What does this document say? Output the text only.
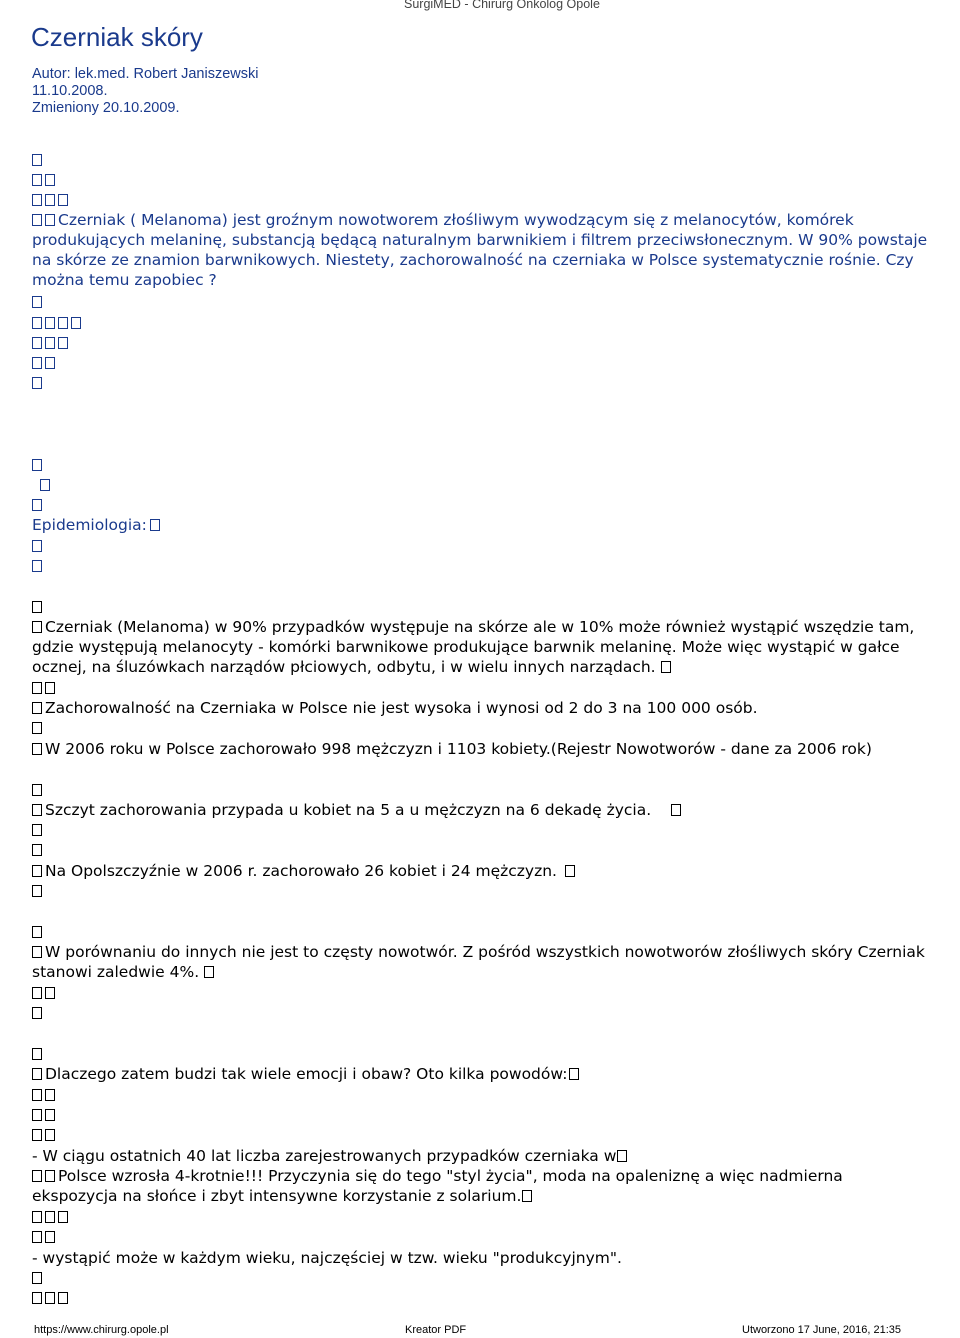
SurgiMED - Chirurg Onkolog Opole
Czerniak skóry
Autor: lek.med. Robert Janiszewski
11.10.2008.
Zmieniony 20.10.2009.
Czerniak ( Melanoma) jest groźnym nowotworem złośliwym wywodzącym się z melanocytów, komórek produkujących melaninę, substancją będącą naturalnym barwnikiem i filtrem przeciwsłonecznym. W 90% powstaje na skórze ze znamion barwnikowych. Niestety, zachorowalność na czerniaka w Polsce systematycznie rośnie. Czy można temu zapobiec ?
Epidemiologia:
Czerniak (Melanoma) w 90% przypadków występuje na skórze ale w 10% może również wystąpić wszędzie tam, gdzie występują melanocyty - komórki barwnikowe produkujące barwnik melaninę. Może więc wystąpić w gałce ocznej, na śluzówkach narządów płciowych, odbytu, i w wielu innych narządach.
Zachorowalność na Czerniaka w Polsce nie jest wysoka i wynosi od 2 do 3 na 100 000 osób.
W 2006 roku w Polsce zachorowało 998 mężczyzn i 1103 kobiety.(Rejestr Nowotworów - dane za 2006 rok)
Szczyt zachorowania przypada u kobiet na 5 a u mężczyzn na 6 dekadę życia.
Na Opolszczyźnie w 2006 r. zachorowało 26 kobiet i 24 mężczyzn.
W porównaniu do innych nie jest to częsty nowotwór. Z pośród wszystkich nowotworów złośliwych skóry Czerniak stanowi zaledwie 4%.
Dlaczego zatem budzi tak wiele emocji i obaw? Oto kilka powodów:
- W ciągu ostatnich 40 lat liczba zarejestrowanych przypadków czerniaka w
Polsce wzrosła 4-krotnie!!! Przyczynia się do tego "styl życia", moda na opaleniznę a więc nadmierna ekspozycja na słońce i zbyt intensywne korzystanie z solarium.
- wystąpić może w każdym wieku, najczęściej w tzw. wieku "produkcyjnym".
https://www.chirurg.opole.pl	Kreator PDF	Utworzono 17 June, 2016, 21:35
